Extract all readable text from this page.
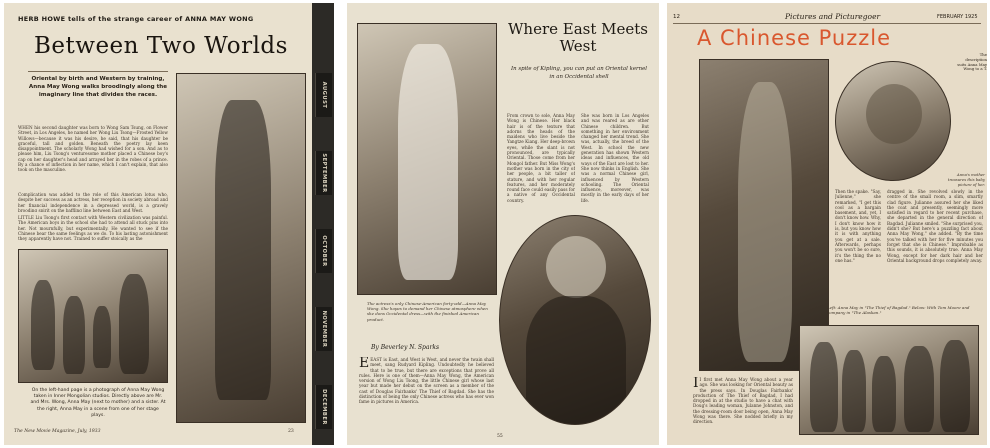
HERB HOWE tells of the strange career of ANNA MAY WONG
Between Two Worlds
Oriental by birth and Western by training, Anna May Wong walks broodingly along the imaginary line that divides the races.
WHEN his second daughter was born to Wong Sam Tsung, on Flower Street, in Los Angeles, he named her Wong Liu Tsong—Frosted Yellow Willows—because it was his desire, he said, that his daughter be graceful, tall and golden. Beneath the poetry lay keen disappointment. The scholarly Wong had wished for a son. And as to please him, Liu Tsong's venturesome mother placed a Chinese boy's cap on her daughter's head and arrayed her in the robes of a prince. By a chance of inflection in her name, which I can't explain, that also took on the masculine.
Complication was added to the role of this American lotus who, despite her success as an actress, her reception in society abroad and her financial independence in a depressed world, is a gravely brooding spirit on the baffling line between East and West.
LITTLE Liu Tsong's first contact with Western civilization was painful. The American boys in the school she had to attend all stuck pins into her. Not mournfully, but experimentally. He wanted to see if the Chinese bear the same feelings as we do. To his lasting astonishment they apparently have not. Trained to suffer stoically as the
On the left-hand page is a photograph of Anna May Wong taken in Inner Mongolian studios. Directly above are Mr. and Mrs. Wong, Anna May (next to mother) and a sister. At the right, Anna May in a scene from one of her stage plays.
The New Movie Magazine, July, 1933	23
AUGUST
SEPTEMBER
OCTOBER
NOVEMBER
DECEMBER
The actress's only Chinese-American forty-odd—Anna May Wong. She hopes to demand her Chinese atmosphere when she dons Occidental dress—with the finished American product.
Where East Meets West
In spite of Kipling, you can put an Oriental kernel in an Occidental shell
From crown to sole, Anna May Wong is Chinese. Her black hair is of the texture that adorns the heads of the maidens who live beside the Yangtze Kiang. Her deep-brown eyes, while the slant is not pronounced, are typically Oriental. Those come from her Mongol father. But Miss Wong's mother was born in the city of her people, a bit taller of stature, and with her regular features, and her moderately round face could easily pass for a native of any Occidental country.
She was born in Los Angeles and was reared as are other Chinese children. But something in her environment changed her mental trend. She was, actually, the breed of the West. In school the new generation has shown Western ideas and influences, the old ways of the East are lost to her. She now thinks in English. She was a normal Chinese girl, influenced by Western schooling. The Oriental influence, moreover, was mostly in the early days of her life.
By Beverley N. Sparks
EEAST is East, and West is West, and never the twain shall meet, sang Rudyard Kipling. Undoubtedly he believed that to be true, but there are exceptions that prove all rules. Here is one of them—Anna May Wong, the American version of Wong Liu Tsong, the little Chinese girl whose last year but made her debut on the screen as a member of the cast of Douglas Fairbanks' The Thief of Bagdad. She has the distinction of being the only Chinese actress who has ever won fame in pictures in America.
55
12	Pictures and Picturegoer	FEBRUARY 1925
A Chinese Puzzle
The description suits Anna May Wong to a T.
Anna's mother treasures this baby picture of her.
Then the spake. "Say, Julienne," she remarked, "I get this cool as a bargain basement, and, yet, I don't know how. Why, I don't know how it is, but you know how it is with anything you get at a sale. Afterwards, perhaps you won't be so sure, it's the thing the no one has."
dragged in. She revolved slowly in the centre of the small room, a slim, smartly clad figure. Julianne assured her she liked the coat and presently, seemingly more satisfied in regard to her recent purchase, she departed in the general direction of Bagdad. Julianne smiled. "She surprised you, didn't she? But here's a puzzling fact about Anna May Wong," she added. "By the time you've talked with her for five minutes you forget that she is Chinese." Improbable as this sounds, it is absolutely true. Anna May Wong, except for her dark hair and her Oriental background drops completely away.
Left: Anna May in "The Thief of Bagdad." Below: With Tom Moore and company in "The Alaskan."
I I first met Anna May Wong about a year ago. She was looking for Oriental beauty as the press says. In Douglas Fairbanks' production of The Thief of Bagdad, I had dropped in at the studio to have a chat with Doug's leading woman, Julanne Johnston, and the dressing-room door being open, Anna May Wong was there. She nodded briefly in my direction.
